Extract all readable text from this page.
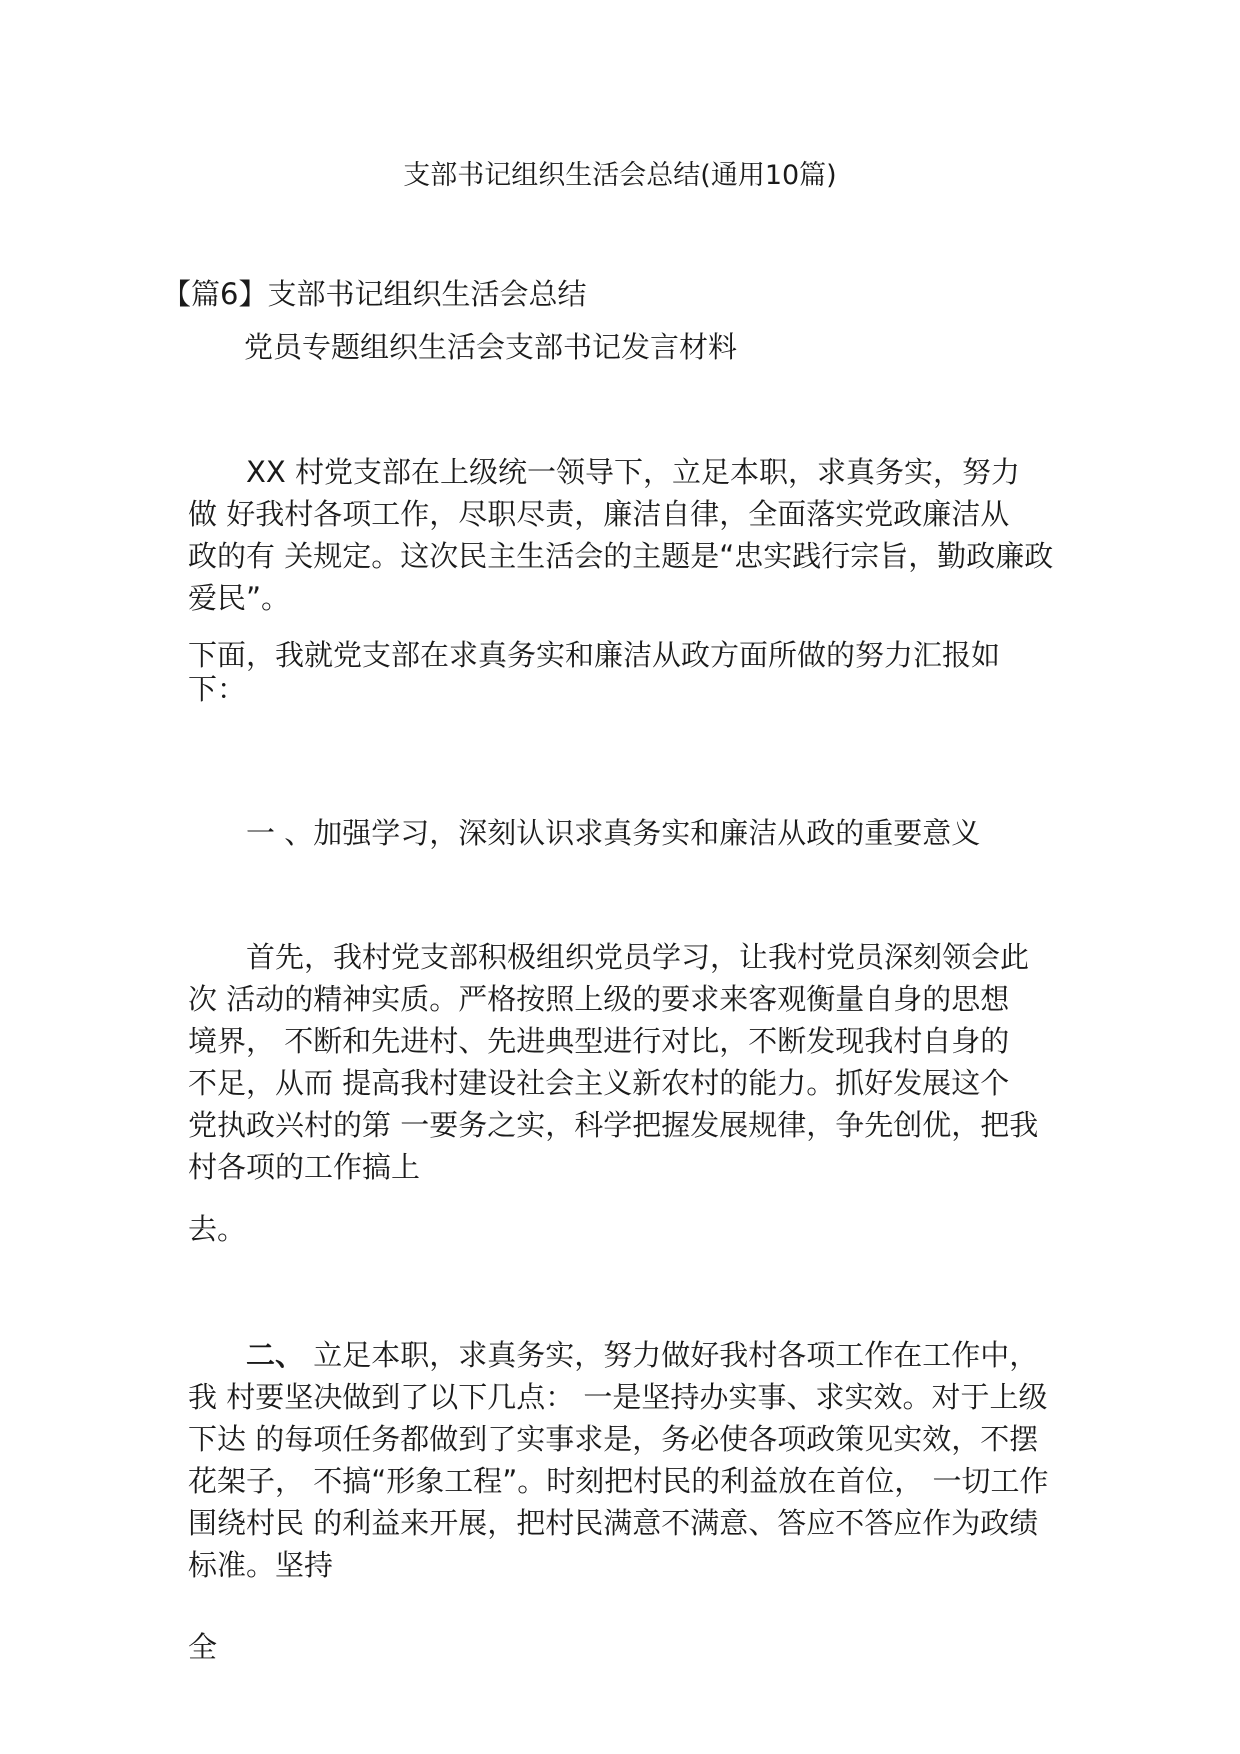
支部书记组织生活会总结(通用10篇)
【篇6】支部书记组织生活会总结
党员专题组织生活会支部书记发言材料

XX 村党支部在上级统一领导下，立足本职，求真务实，努力
做 好我村各项工作，尽职尽责，廉洁自律，全面落实党政廉洁从
政的有 关规定。这次民主生活会的主题是“忠实践行宗旨，勤政廉政
爱民”。

下面，我就党支部在求真务实和廉洁从政方面所做的努力汇报如
下：

一 、加强学习，深刻认识求真务实和廉洁从政的重要意义

首先，我村党支部积极组织党员学习，让我村党员深刻领会此
次 活动的精神实质。严格按照上级的要求来客观衡量自身的思想
境界， 不断和先进村、先进典型进行对比，不断发现我村自身的
不足，从而 提高我村建设社会主义新农村的能力。抓好发展这个
党执政兴村的第 一要务之实，科学把握发展规律，争先创优，把我
村各项的工作搞上

去。

二、 立足本职，求真务实，努力做好我村各项工作在工作中，
我 村要坚决做到了以下几点： 一是坚持办实事、求实效。对于上级
下达 的每项任务都做到了实事求是，务必使各项政策见实效，不摆
花架子， 不搞“形象工程”。时刻把村民的利益放在首位， 一切工作
围绕村民 的利益来开展，把村民满意不满意、答应不答应作为政绩
标准。坚持

全
